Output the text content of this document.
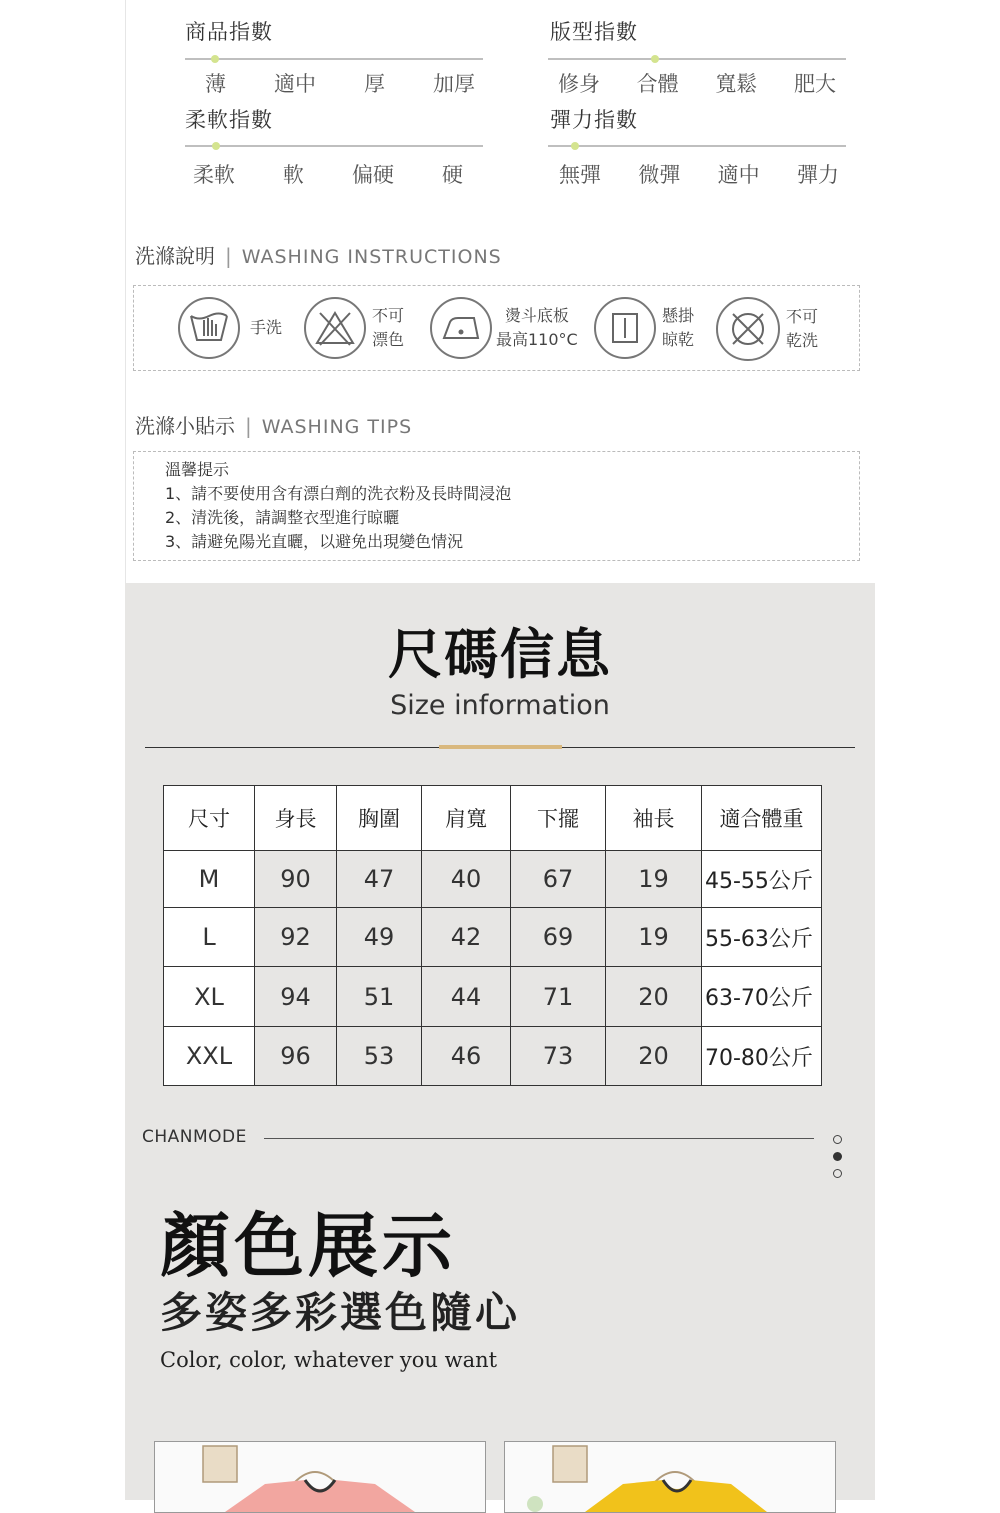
商品指數
薄 適中 厚 加厚
版型指數
修身 合體 寬鬆 肥大
柔軟指數
柔軟 軟 偏硬 硬
彈力指數
無彈 微彈 適中 彈力
洗滌說明 | WASHING INSTRUCTIONS
手洗
不可
漂色
燙斗底板
最高110°C
懸掛
晾乾
不可
乾洗
洗滌小貼示 | WASHING TIPS
溫馨提示
1、請不要使用含有漂白劑的洗衣粉及長時間浸泡
2、清洗後，請調整衣型進行晾曬
3、請避免陽光直曬，以避免出現變色情況
尺碼信息
Size information
尺寸	身長	胸圍	肩寬	下擺	袖長	適合體重
M	90	47	40	67	19	45-55公斤
L	92	49	42	69	19	55-63公斤
XL	94	51	44	71	20	63-70公斤
XXL	96	53	46	73	20	70-80公斤
CHANMODE
顏色展示
多姿多彩選色隨心
Color, color, whatever you want
